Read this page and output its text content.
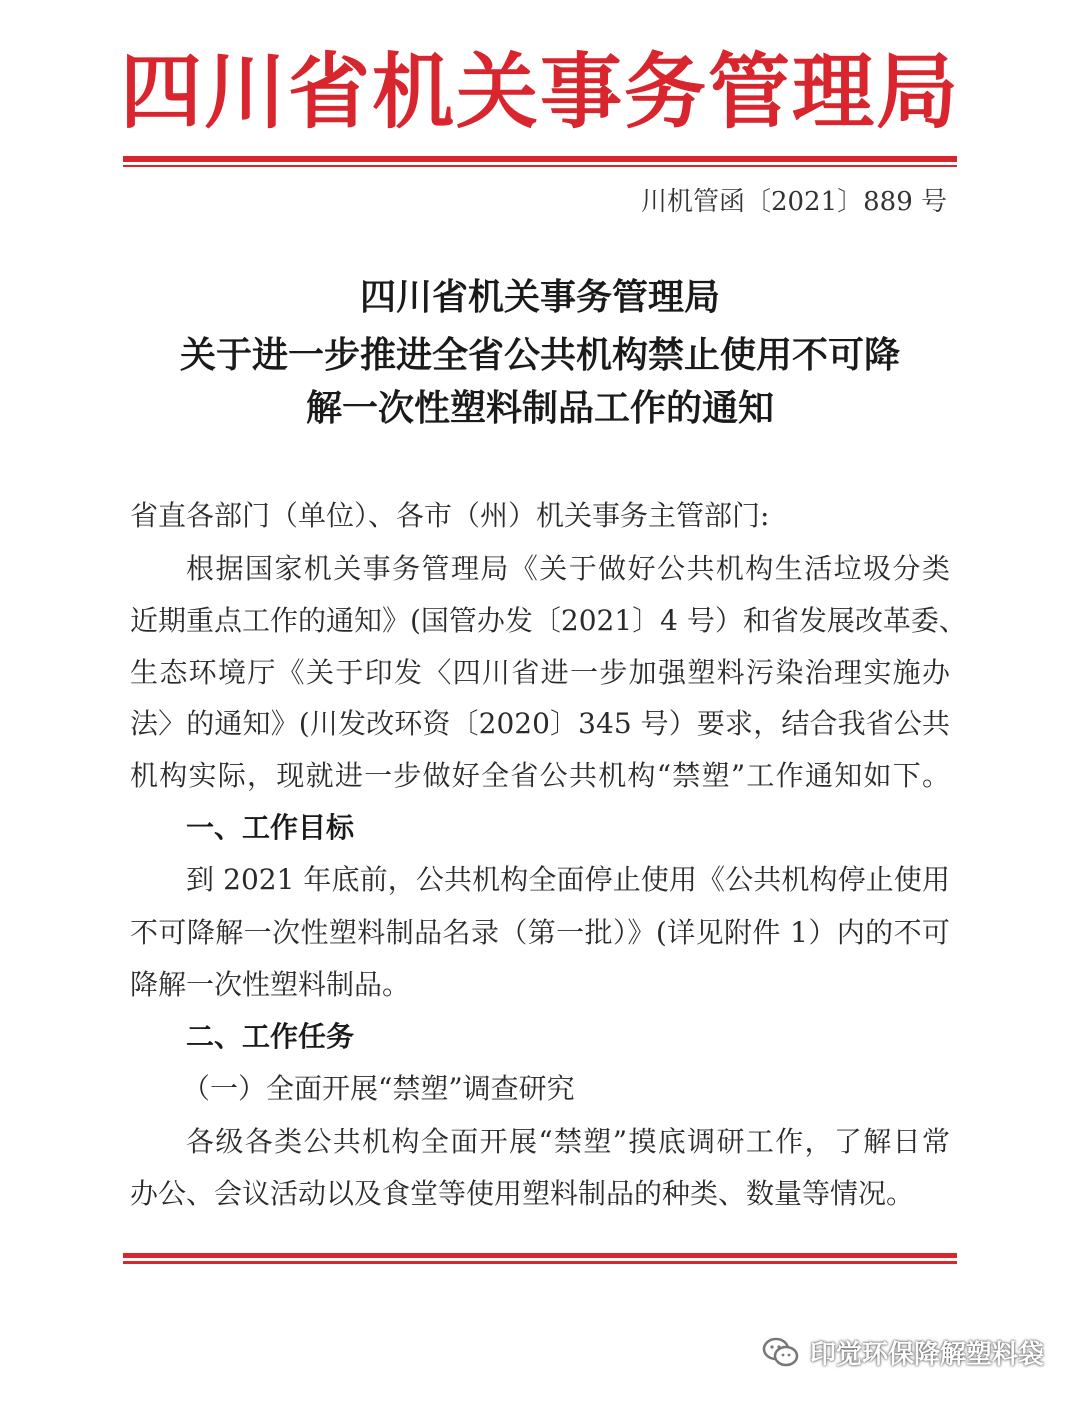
四川省机关事务管理局
川机管函〔2021〕889 号
四川省机关事务管理局
关于进一步推进全省公共机构禁止使用不可降
解一次性塑料制品工作的通知
省直各部门（单位）、各市（州）机关事务主管部门:
根据国家机关事务管理局《关于做好公共机构生活垃圾分类
近期重点工作的通知》(国管办发〔2021〕4 号）和省发展改革委、
生态环境厅《关于印发〈四川省进一步加强塑料污染治理实施办
法〉的通知》(川发改环资〔2020〕345 号）要求，结合我省公共
机构实际，现就进一步做好全省公共机构“禁塑”工作通知如下。
一、工作目标
到 2021 年底前，公共机构全面停止使用《公共机构停止使用
不可降解一次性塑料制品名录（第一批）》(详见附件 1）内的不可
降解一次性塑料制品。
二、工作任务
（一）全面开展“禁塑”调查研究
各级各类公共机构全面开展“禁塑”摸底调研工作，了解日常
办公、会议活动以及食堂等使用塑料制品的种类、数量等情况。
印觉环保降解塑料袋
